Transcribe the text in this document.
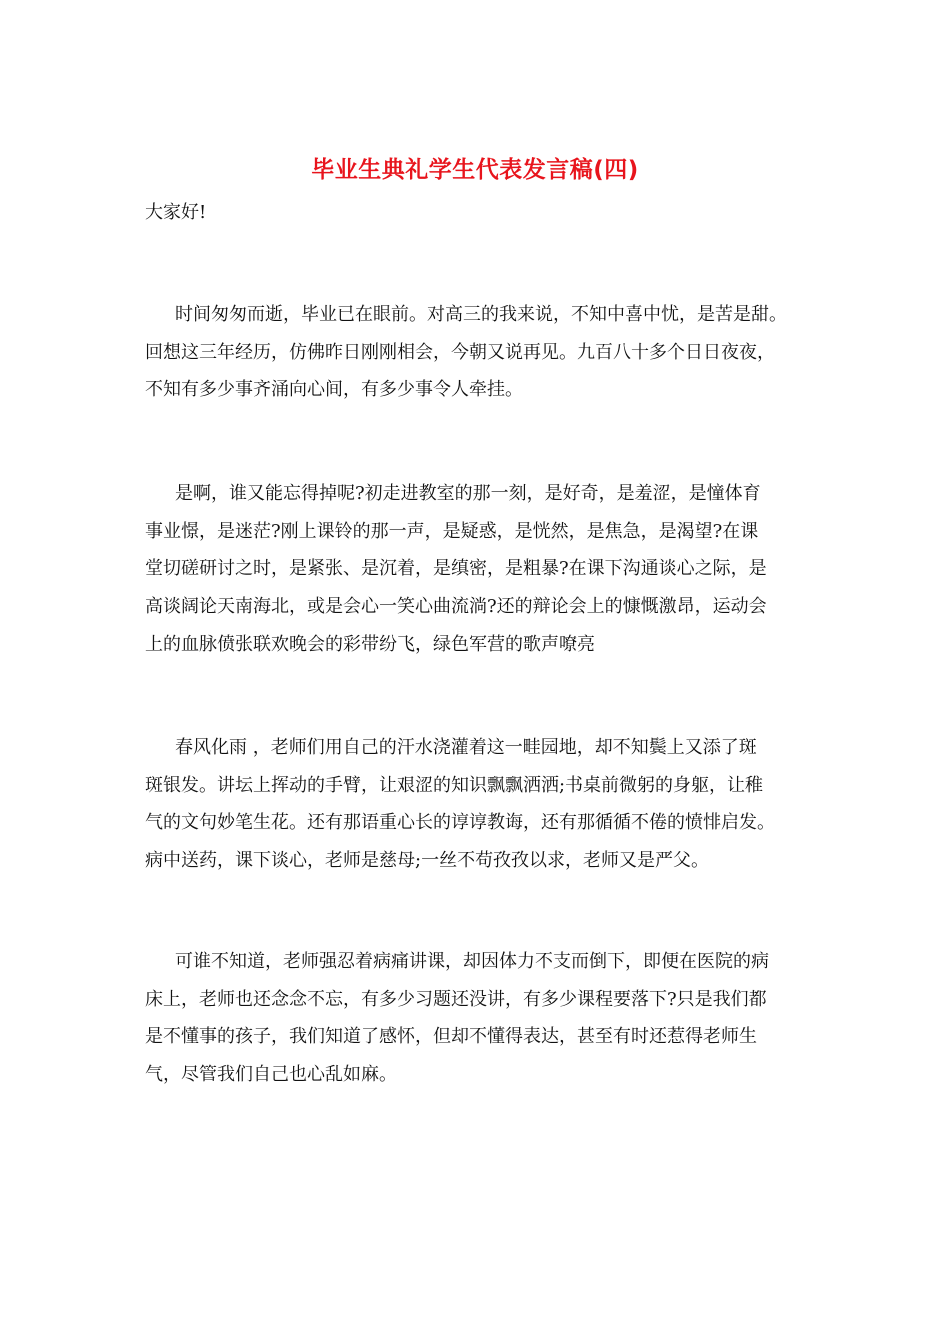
毕业生典礼学生代表发言稿(四)
大家好!
时间匆匆而逝，毕业已在眼前。对高三的我来说，不知中喜中忧，是苦是甜。
回想这三年经历，仿佛昨日刚刚相会，今朝又说再见。九百八十多个日日夜夜，
不知有多少事齐涌向心间，有多少事令人牵挂。
是啊，谁又能忘得掉呢?初走进教室的那一刻，是好奇，是羞涩，是憧体育
事业憬，是迷茫?刚上课铃的那一声，是疑惑，是恍然，是焦急，是渴望?在课
堂切磋研讨之时，是紧张、是沉着，是缜密，是粗暴?在课下沟通谈心之际，是
高谈阔论天南海北，或是会心一笑心曲流淌?还的辩论会上的慷慨激昂，运动会
上的血脉偾张联欢晚会的彩带纷飞，绿色军营的歌声嘹亮
春风化雨 ，老师们用自己的汗水浇灌着这一畦园地，却不知鬓上又添了斑
斑银发。讲坛上挥动的手臂，让艰涩的知识飘飘洒洒;书桌前微躬的身躯，让稚
气的文句妙笔生花。还有那语重心长的谆谆教诲，还有那循循不倦的愤悱启发。
病中送药，课下谈心，老师是慈母;一丝不苟孜孜以求，老师又是严父。
可谁不知道，老师强忍着病痛讲课，却因体力不支而倒下，即便在医院的病
床上，老师也还念念不忘，有多少习题还没讲，有多少课程要落下?只是我们都
是不懂事的孩子，我们知道了感怀，但却不懂得表达，甚至有时还惹得老师生
气，尽管我们自己也心乱如麻。
